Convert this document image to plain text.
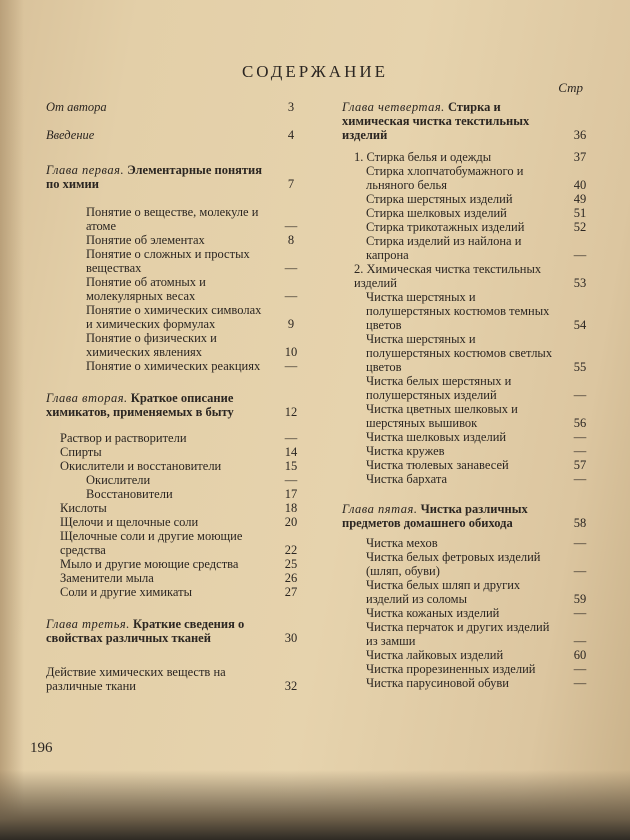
СОДЕРЖАНИЕ
Стр
От автора	3
Введение	4
Глава первая. Элементарные понятия по химии	7
Понятие о веществе, молекуле и атоме	—
Понятие об элементах	8
Понятие о сложных и простых веществах	—
Понятие об атомных и молекулярных весах	—
Понятие о химических символах и химических формулах	9
Понятие о физических и химических явлениях	10
Понятие о химических реакциях	—
Глава вторая. Краткое описание химикатов, применяемых в быту	12
Раствор и растворители	—
Спирты	14
Окислители и восстановители	15
Окислители	—
Восстановители	17
Кислоты	18
Щелочи и щелочные соли	20
Щелочные соли и другие моющие средства	22
Мыло и другие моющие средства	25
Заменители мыла	26
Соли и другие химикаты	27
Глава третья. Краткие сведения о свойствах различных тканей	30
Действие химических веществ на различные ткани	32
Глава четвертая. Стирка и химическая чистка текстильных изделий	36
1. Стирка белья и одежды	37
Стирка хлопчатобумажного и льняного белья	40
Стирка шерстяных изделий	49
Стирка шелковых изделий	51
Стирка трикотажных изделий	52
Стирка изделий из найлона и капрона	—
2. Химическая чистка текстильных изделий	53
Чистка шерстяных и полушерстяных костюмов темных цветов	54
Чистка шерстяных и полушерстяных костюмов светлых цветов	55
Чистка белых шерстяных и полушерстяных изделий	—
Чистка цветных шелковых и шерстяных вышивок	56
Чистка шелковых изделий	—
Чистка кружев	—
Чистка тюлевых занавесей	57
Чистка бархата	—
Глава пятая. Чистка различных предметов домашнего обихода	58
Чистка мехов	—
Чистка белых фетровых изделий (шляп, обуви)	—
Чистка белых шляп и других изделий из соломы	59
Чистка кожаных изделий	—
Чистка перчаток и других изделий из замши	—
Чистка лайковых изделий	60
Чистка прорезиненных изделий	—
Чистка парусиновой обуви	—
196
